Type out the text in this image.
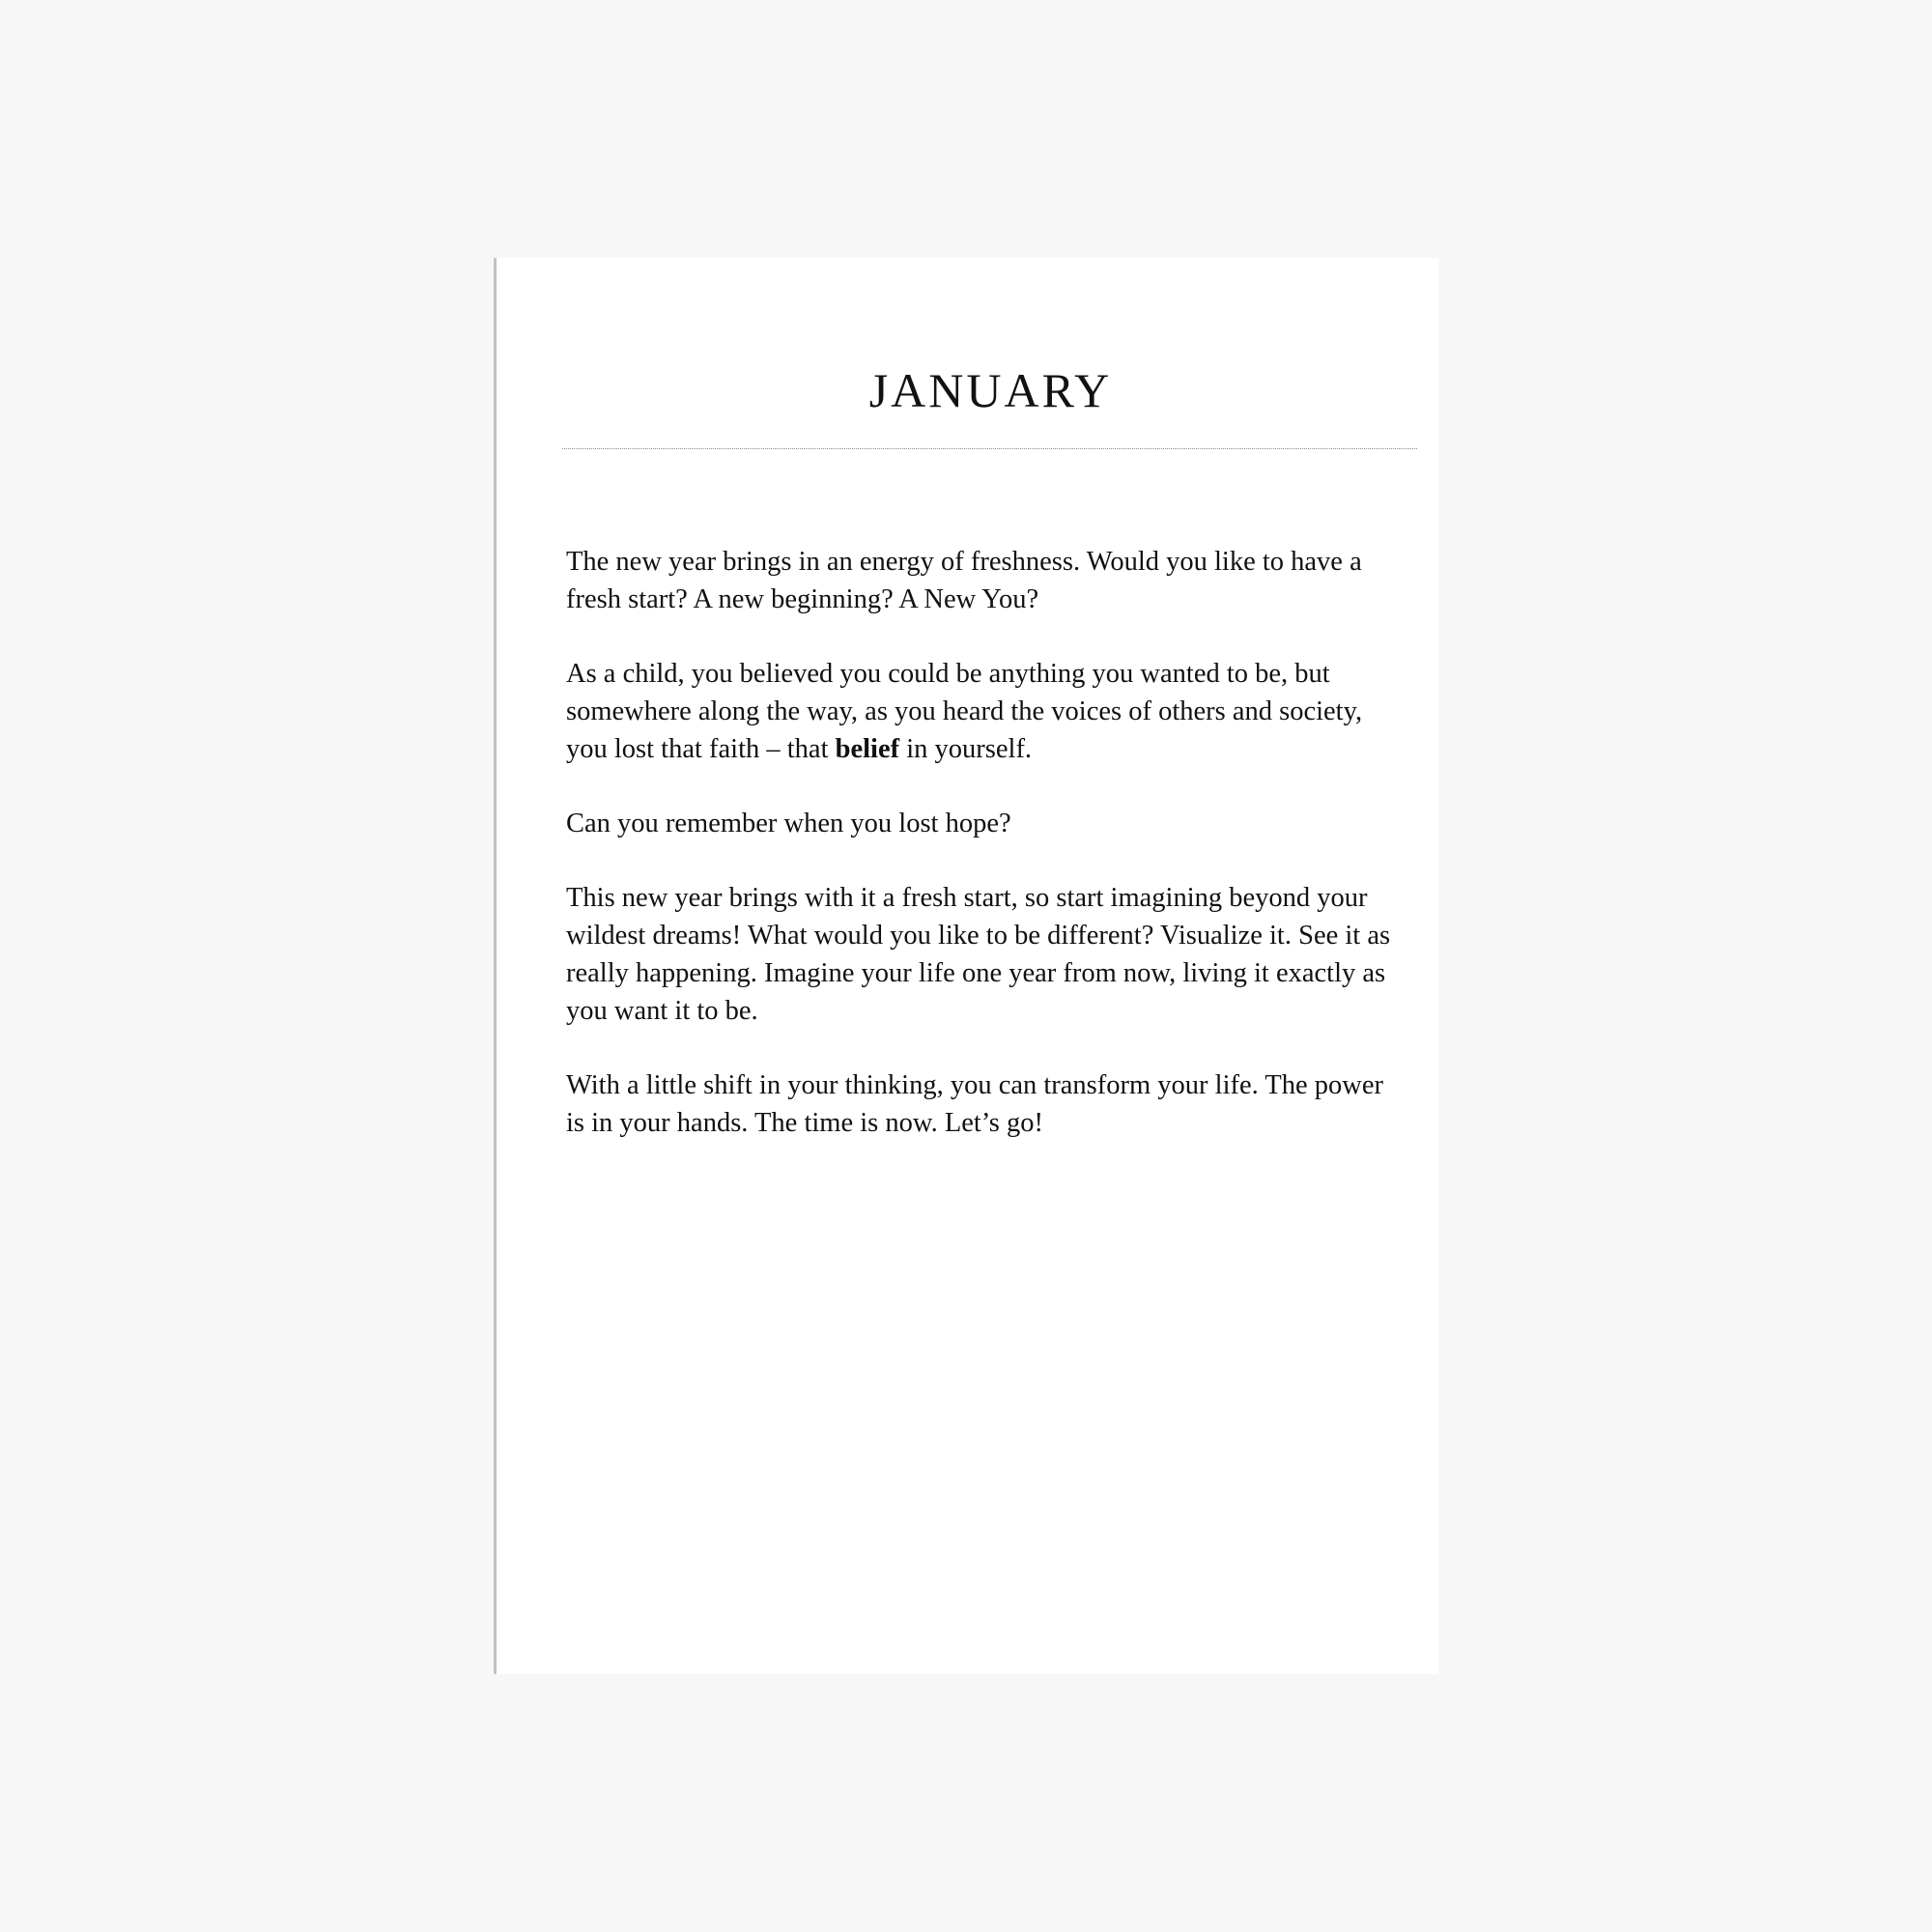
JANUARY

The new year brings in an energy of freshness. Would you like to have a fresh start? A new beginning? A New You?

As a child, you believed you could be anything you wanted to be, but somewhere along the way, as you heard the voices of others and society, you lost that faith – that belief in yourself.

Can you remember when you lost hope?

This new year brings with it a fresh start, so start imagining beyond your wildest dreams! What would you like to be different? Visualize it. See it as really happening. Imagine your life one year from now, living it exactly as you want it to be.

With a little shift in your thinking, you can transform your life. The power is in your hands. The time is now. Let’s go!
